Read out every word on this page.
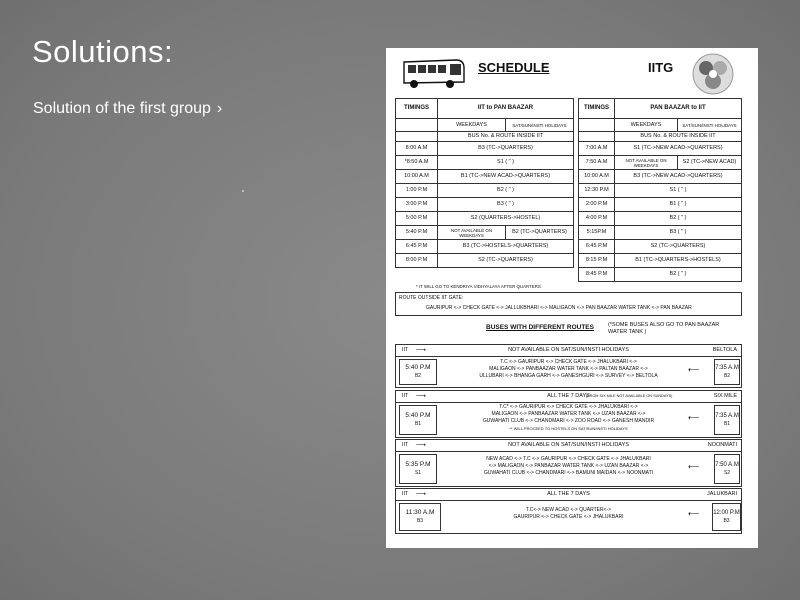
Solutions:
Solution of the first group ›
SCHEDULE	IITG
TIMINGS	IIT to PAN BAAZAR	
	WEEKDAYS	SAT/SUN/INSTI HOLIDAYS
	BUS No. & ROUTE INSIDE IIT	
8:00 A.M	B3 (TC->QUARTERS)	
*8:50 A.M	S1 ( " )	
10:00 A.M	B1 (TC->NEW ACAD->QUARTERS)	
1:00 P.M	B2 ( " )	
3:00 P.M	B3 ( " )	
5:00 P.M	S2 (QUARTERS->HOSTEL)	
5:40 P.M	NOT AVAILABLE ON WEEKDAYS	B2 (TC->QUARTERS)
6:45 P.M	B3 (TC->HOSTELS->QUARTERS)	
8:00 P.M	S2 (TC->QUARTERS)	
TIMINGS	PAN BAAZAR to IIT	
	WEEKDAYS	SAT/SUN/INSTI HOLIDAYS
	BUS No. & ROUTE INSIDE IIT	
7:00 A.M	S1 (TC->NEW ACAD->QUARTERS)	
7:50 A.M	NOT AVAILABLE ON WEEKDAYS	S2 (TC->NEW ACAD)
10:00 A.M	B3 (TC->NEW ACAD->QUARTERS)	
12:30 P.M	S1 ( " )	
2:00 P.M	B1 ( " )	
4:00 P.M	B2 ( " )	
5:15P.M	B3 ( " )	
6:45 P.M	S2 (TC->QUARTERS)	
8:15 P.M	B1 (TC->QUARTERS->HOSTELS)	
8:45 P.M	B2 ( " )	
* IT WILL GO TO KENDRIYA VIDHYALAYA AFTER QUARTERS
ROUTE OUTSIDE IIT GATE:
GAURIPUR <-> CHECK GATE <-> JALLUKBHARI <-> MALIGAON <-> PAN BAAZAR WATER TANK <-> PAN BAAZAR
BUSES WITH DIFFERENT ROUTES	(*SOME BUSES ALSO GO TO PAN BAAZAR WATER TANK )
IIT	NOT AVAILABLE ON SAT/SUN/INSTI HOLIDAYS
⟶	BELTOLA
5:40 P.M
B2
T.C <-> GAURIPUR <-> CHECK GATE <-> JHALUKBARI <->
MALIGAON <-> PANBAAZAR WATER TANK <-> PALTAN BAAZAR <->
ULLUBARI <-> BHANGA GARH <-> GANESHGURI <-> SURVEY <-> BELTOLA
⟵	7:35 A.M
B2
IIT	ALL THE 7 DAYS
⟶	(FROM SIX MILE NOT AVAILABLE ON SUNDAYS)	SIX MILE
5:40 P.M
B1
T.C* <-> GAURIPUR <-> CHECK GATE <-> JHALUKBARI <->
MALIGAON <-> PANBAAZAR WATER TANK <-> UZAN BAAZAR <->
GUWAHATI CLUB <-> CHANDMARI <-> ZOO ROAD <-> GANESH MANDIR
** WILL PROCEED TO HOSTELS ON SAT/SUN/INSTI HOLIDAYS
⟵	7:35 A.M
B1
IIT	NOT AVAILABLE ON SAT/SUN/INSTI HOLIDAYS
⟶	NOONMATI
5:35 P.M
S1
NEW ACAD <-> T.C <-> GAURIPUR <-> CHECK GATE <-> JHALUKBARI
<-> MALIGAON <-> PANBAZAR WATER TANK <-> UZAN BAAZAR <->
GUWAHATI CLUB <-> CHANDMARI <-> BAMUNI MAIDAN <-> NOONMATI
⟵	7:50 A.M
S2
IIT	ALL THE 7 DAYS
⟶	JALUKBARI
11:30 A.M
B3
T.C<-> NEW ACAD <-> QUARTER<->
GAURIPUR <-> CHECK GATE <-> JHALUKBARI	⟵ 12:00 P.M
B3
